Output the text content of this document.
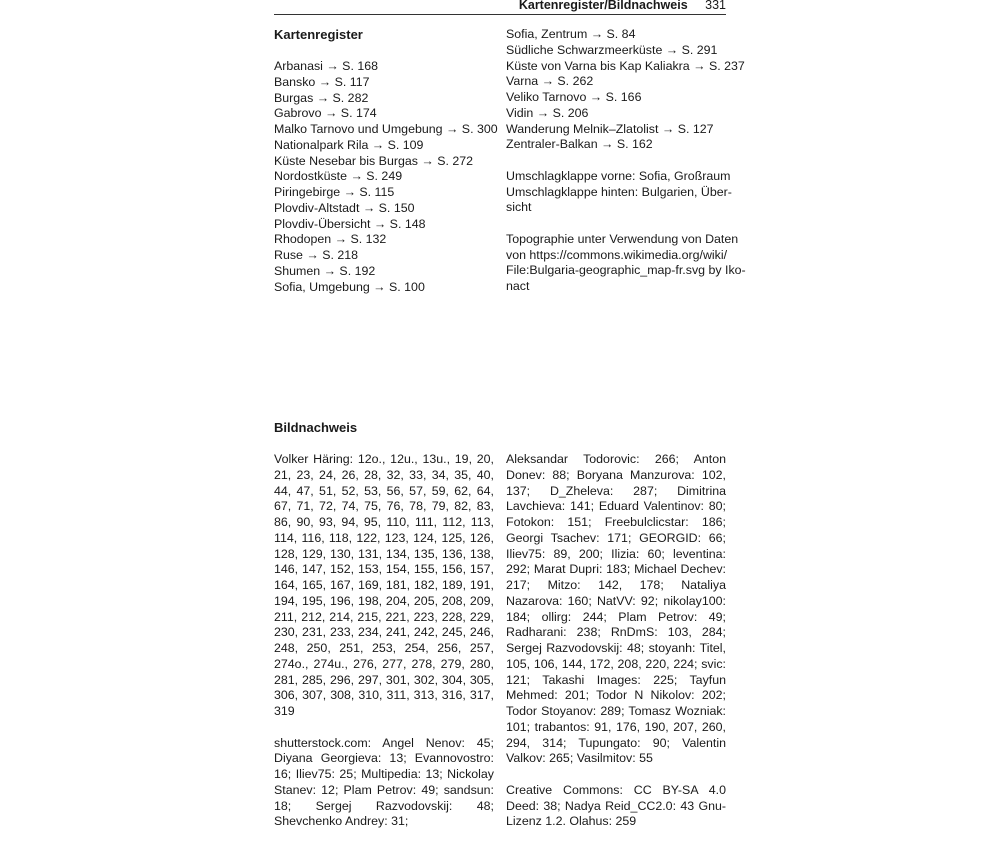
Kartenregister/Bildnachweis 331
Kartenregister
Arbanasi → S. 168
Bansko → S. 117
Burgas → S. 282
Gabrovo → S. 174
Malko Tarnovo und Umgebung → S. 300
Nationalpark Rila → S. 109
Küste Nesebar bis Burgas → S. 272
Nordostküste → S. 249
Piringebirge → S. 115
Plovdiv-Altstadt → S. 150
Plovdiv-Übersicht → S. 148
Rhodopen → S. 132
Ruse → S. 218
Shumen → S. 192
Sofia, Umgebung → S. 100
Sofia, Zentrum → S. 84
Südliche Schwarzmeerküste → S. 291
Küste von Varna bis Kap Kaliakra → S. 237
Varna → S. 262
Veliko Tarnovo → S. 166
Vidin → S. 206
Wanderung Melnik–Zlatolist → S. 127
Zentraler-Balkan → S. 162
Umschlagklappe vorne: Sofia, Großraum
Umschlagklappe hinten: Bulgarien, Über-
sicht
Topographie unter Verwendung von Daten
von https://commons.wikimedia.org/wiki/
File:Bulgaria-geographic_map-fr.svg by Iko-
nact
Bildnachweis

Volker Häring: 12o., 12u., 13u., 19, 20, 21, 23, 24, 26, 28, 32, 33, 34, 35, 40, 44, 47, 51, 52, 53, 56, 57, 59, 62, 64, 67, 71, 72, 74, 75, 76, 78, 79, 82, 83, 86, 90, 93, 94, 95, 110, 111, 112, 113, 114, 116, 118, 122, 123, 124, 125, 126, 128, 129, 130, 131, 134, 135, 136, 138, 146, 147, 152, 153, 154, 155, 156, 157, 164, 165, 167, 169, 181, 182, 189, 191, 194, 195, 196, 198, 204, 205, 208, 209, 211, 212, 214, 215, 221, 223, 228, 229, 230, 231, 233, 234, 241, 242, 245, 246, 248, 250, 251, 253, 254, 256, 257, 274o., 274u., 276, 277, 278, 279, 280, 281, 285, 296, 297, 301, 302, 304, 305, 306, 307, 308, 310, 311, 313, 316, 317, 319

shutterstock.com: Angel Nenov: 45; Diyana Georgieva: 13; Evannovostro: 16; Iliev75: 25; Multipedia: 13; Nickolay Stanev: 12; Plam Petrov: 49; sandsun: 18; Sergej Razvodovskij: 48; Shevchenko Andrey: 31;

Aleksandar Todorovic: 266; Anton Donev: 88; Boryana Manzurova: 102, 137; D_Zheleva: 287; Dimitrina Lavchieva: 141; Eduard Valentinov: 80; Fotokon: 151; Freebulclicstar: 186; Georgi Tsachev: 171; GEORGID: 66; Iliev75: 89, 200; Ilizia: 60; leventina: 292; Marat Dupri: 183; Michael Dechev: 217; Mitzo: 142, 178; Nataliya Nazarova: 160; NatVV: 92; nikolay100: 184; ollirg: 244; Plam Petrov: 49; Radharani: 238; RnDmS: 103, 284; Sergej Razvodovskij: 48; stoyanh: Titel, 105, 106, 144, 172, 208, 220, 224; svic: 121; Takashi Images: 225; Tayfun Mehmed: 201; Todor N Nikolov: 202; Todor Stoyanov: 289; Tomasz Wozniak: 101; trabantos: 91, 176, 190, 207, 260, 294, 314; Tupungato: 90; Valentin Valkov: 265; Vasilmitov: 55

Creative Commons: CC BY-SA 4.0 Deed: 38; Nadya Reid_CC2.0: 43 Gnu-Lizenz 1.2. Olahus: 259
